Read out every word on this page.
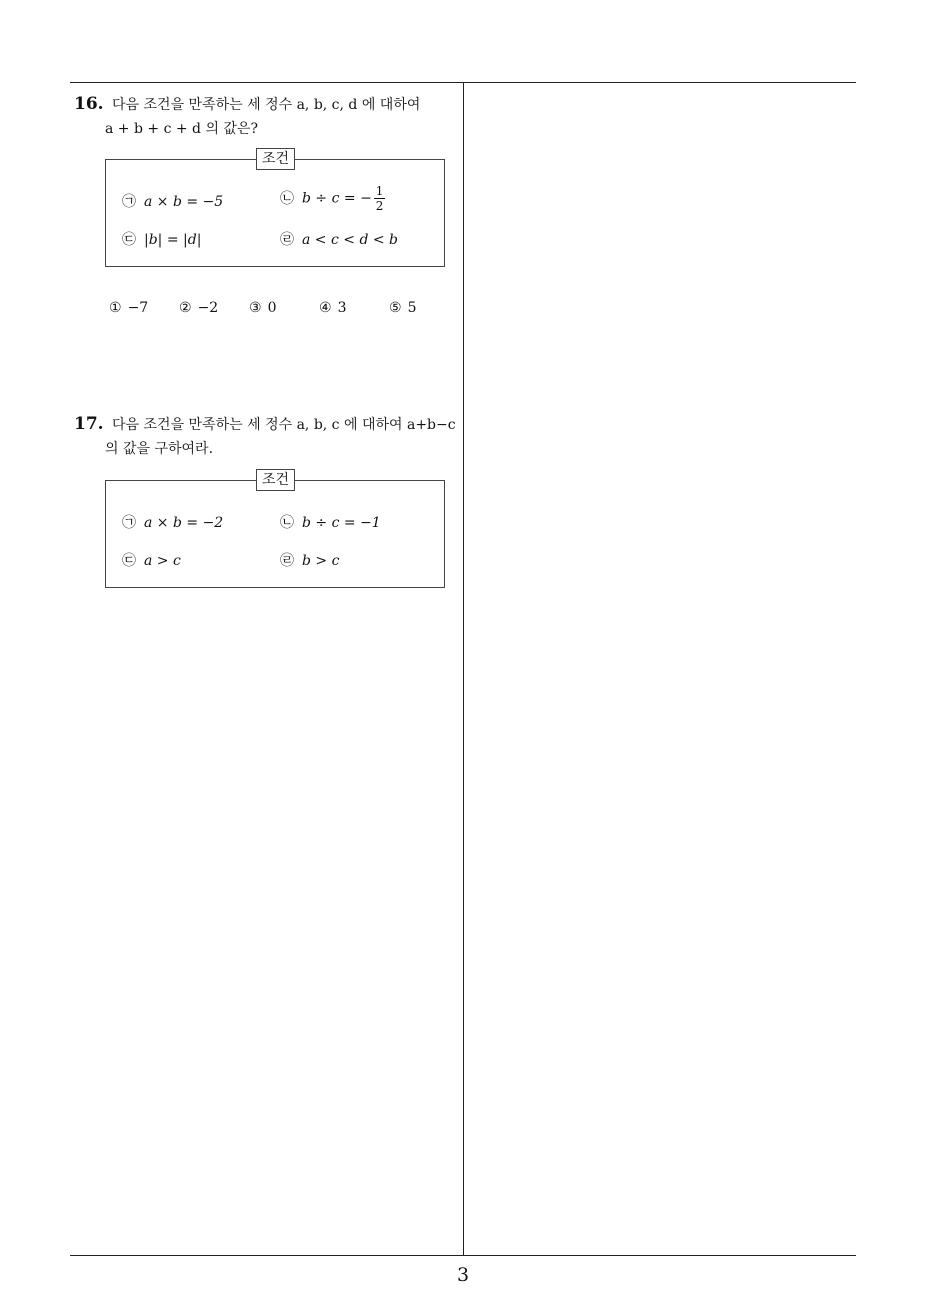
16. 다음 조건을 만족하는 세 정수 a, b, c, d 에 대하여
a + b + c + d 의 값은?
조건
㉠ a × b = −5	㉡ b ÷ c = − $\frac{1}{2}$
㉢ |b| = |d|	㉣ a < c < d < b
① −7 ② −2 ③ 0	④ 3	⑤ 5
17. 다음 조건을 만족하는 세 정수 a, b, c 에 대하여 a+b−c
의 값을 구하여라.
조건
㉠ a × b = −2	㉡ b ÷ c = −1
㉢ a > c	㉣ b > c
3
